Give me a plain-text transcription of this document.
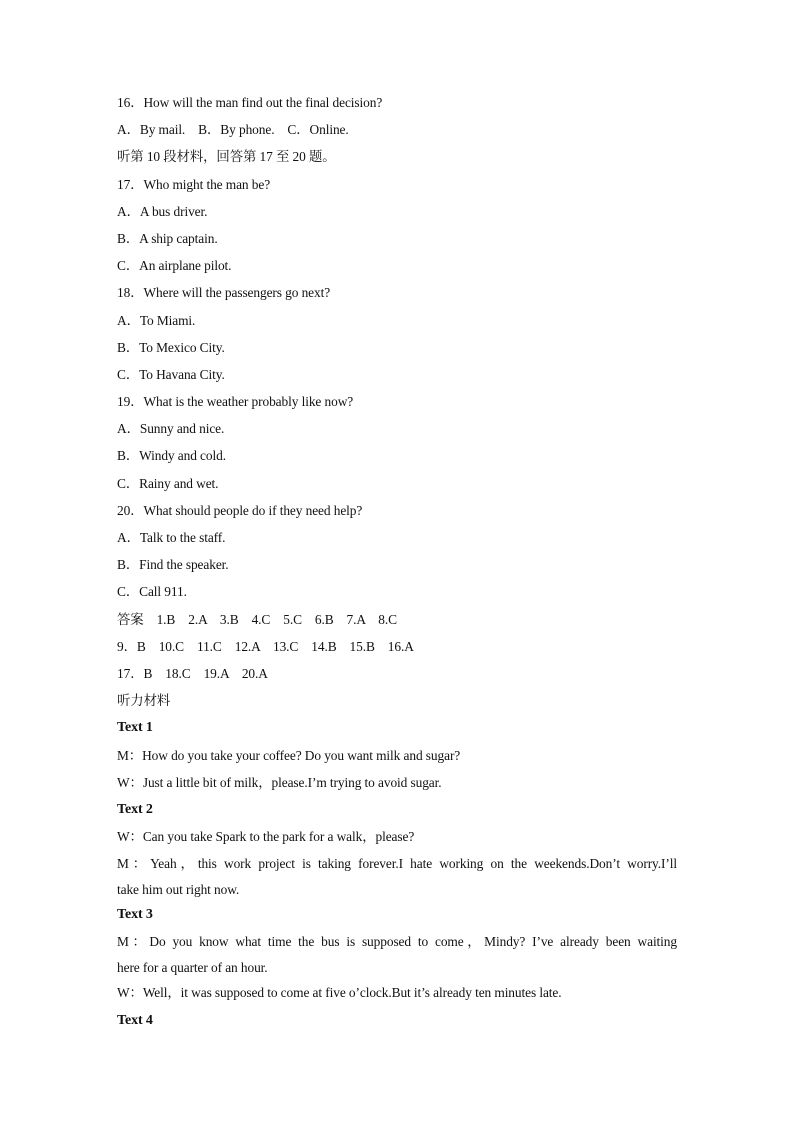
16．How will the man find out the final decision?
A．By mail.    B．By phone.    C．Online.
听第 10 段材料，回答第 17 至 20 题。
17．Who might the man be?
A．A bus driver.
B．A ship captain.
C．An airplane pilot.
18．Where will the passengers go next?
A．To Miami.
B．To Mexico City.
C．To Havana City.
19．What is the weather probably like now?
A．Sunny and nice.
B．Windy and cold.
C．Rainy and wet.
20．What should people do if they need help?
A．Talk to the staff.
B．Find the speaker.
C．Call 911.
答案    1.B    2.A    3.B    4.C    5.C    6.B    7.A    8.C
9．B    10.C    11.C    12.A    13.C    14.B    15.B    16.A
17．B    18.C    19.A    20.A
听力材料
Text 1
M：How do you take your coffee? Do you want milk and sugar?
W：Just a little bit of milk，please.I’m trying to avoid sugar.
Text 2
W：Can you take Spark to the park for a walk，please?
M：Yeah，this work project is taking forever.I hate working on the weekends.Don’t worry.I’ll
take him out right now.
Text 3
M：Do you know what time the bus is supposed to come，Mindy? I’ve already been waiting
here for a quarter of an hour.
W：Well，it was supposed to come at five o’clock.But it’s already ten minutes late.
Text 4
